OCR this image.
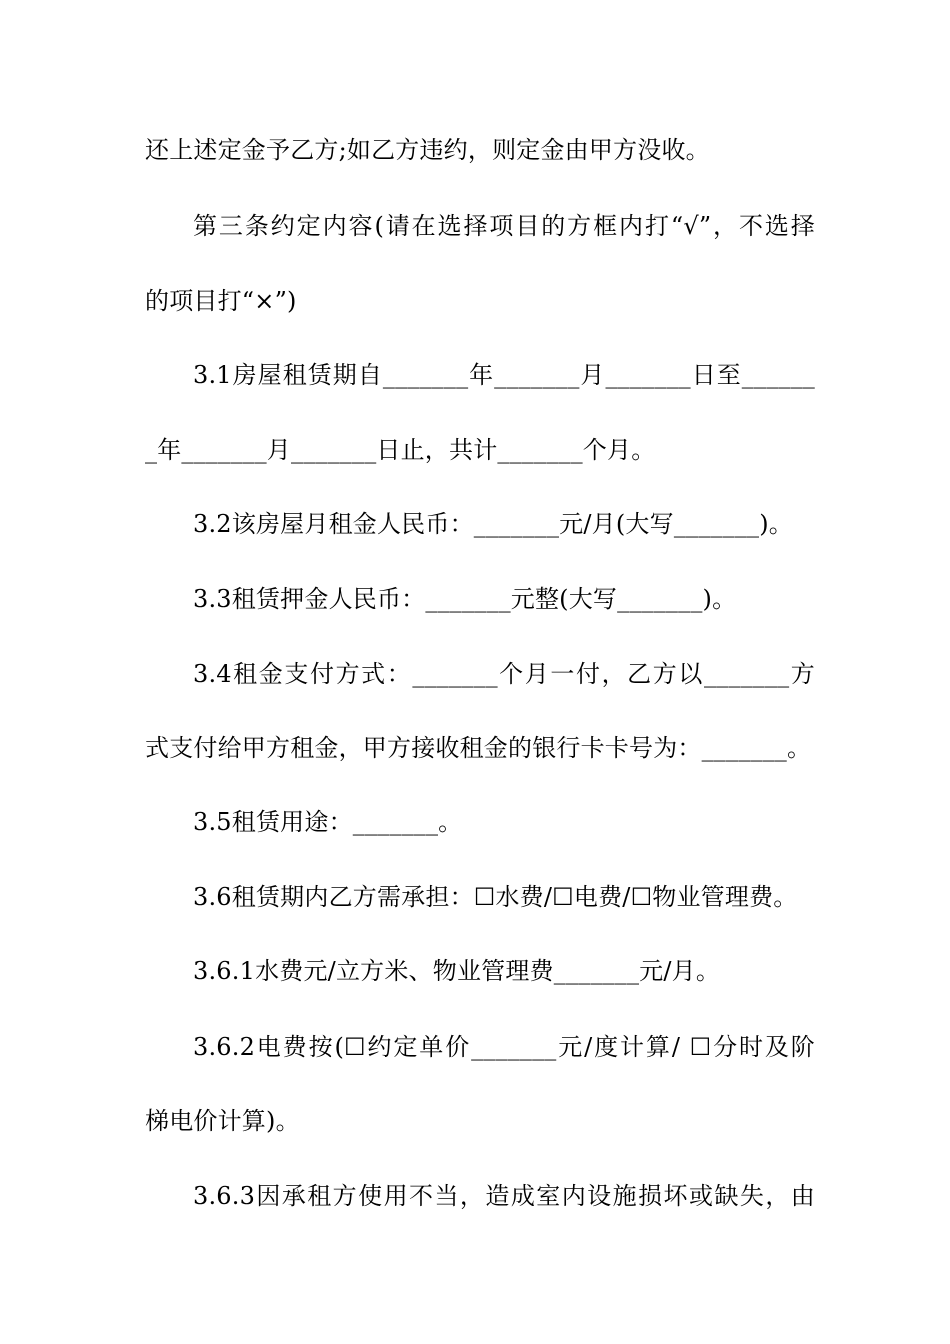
还上述定金予乙方;如乙方违约，则定金由甲方没收。
第三条约定内容(请在选择项目的方框内打“√”，不选择
的项目打“×”)
3.1房屋租赁期自_______年_______月_______日至______
_年_______月_______日止，共计_______个月。
3.2该房屋月租金人民币：_______元/月(大写_______)。
3.3租赁押金人民币：_______元整(大写_______)。
3.4租金支付方式：_______个月一付，乙方以_______方
式支付给甲方租金，甲方接收租金的银行卡卡号为：_______。
3.5租赁用途：_______。
3.6租赁期内乙方需承担：☐水费/☐电费/☐物业管理费。
3.6.1水费元/立方米、物业管理费_______元/月。
3.6.2电费按(☐约定单价_______元/度计算/ ☐分时及阶
梯电价计算)。
3.6.3因承租方使用不当，造成室内设施损坏或缺失，由
